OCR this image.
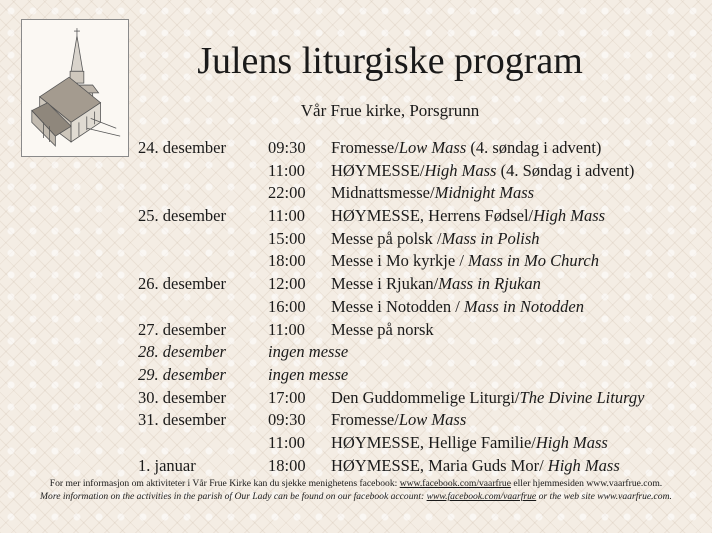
Julens liturgiske program
Vår Frue kirke, Porsgrunn
24. desember	09:30 Fromesse/Low Mass (4. søndag i advent)
11:00 HØYMESSE/High Mass (4. Søndag i advent)
22:00 Midnattsmesse/Midnight Mass
25. desember	11:00 HØYMESSE, Herrens Fødsel/High Mass
15:00 Messe på polsk /Mass in Polish
18:00 Messe i Mo kyrkje / Mass in Mo Church
26. desember	12:00 Messe i Rjukan/Mass in Rjukan
16:00 Messe i Notodden / Mass in Notodden
27. desember	11:00 Messe på norsk
28. desember	ingen messe
29. desember	ingen messe
30. desember	17:00 Den Guddommelige Liturgi/The Divine Liturgy
31. desember	09:30 Fromesse/Low Mass
11:00 HØYMESSE, Hellige Familie/High Mass
1. januar	18:00 HØYMESSE, Maria Guds Mor/ High Mass
For mer informasjon om aktiviteter i Vår Frue Kirke kan du sjekke menighetens facebook: www.facebook.com/vaarfrue eller hjemmesiden www.vaarfrue.com.
More information on the activities in the parish of Our Lady can be found on our facebook account: www.facebook.com/vaarfrue or the web site www.vaarfrue.com.
